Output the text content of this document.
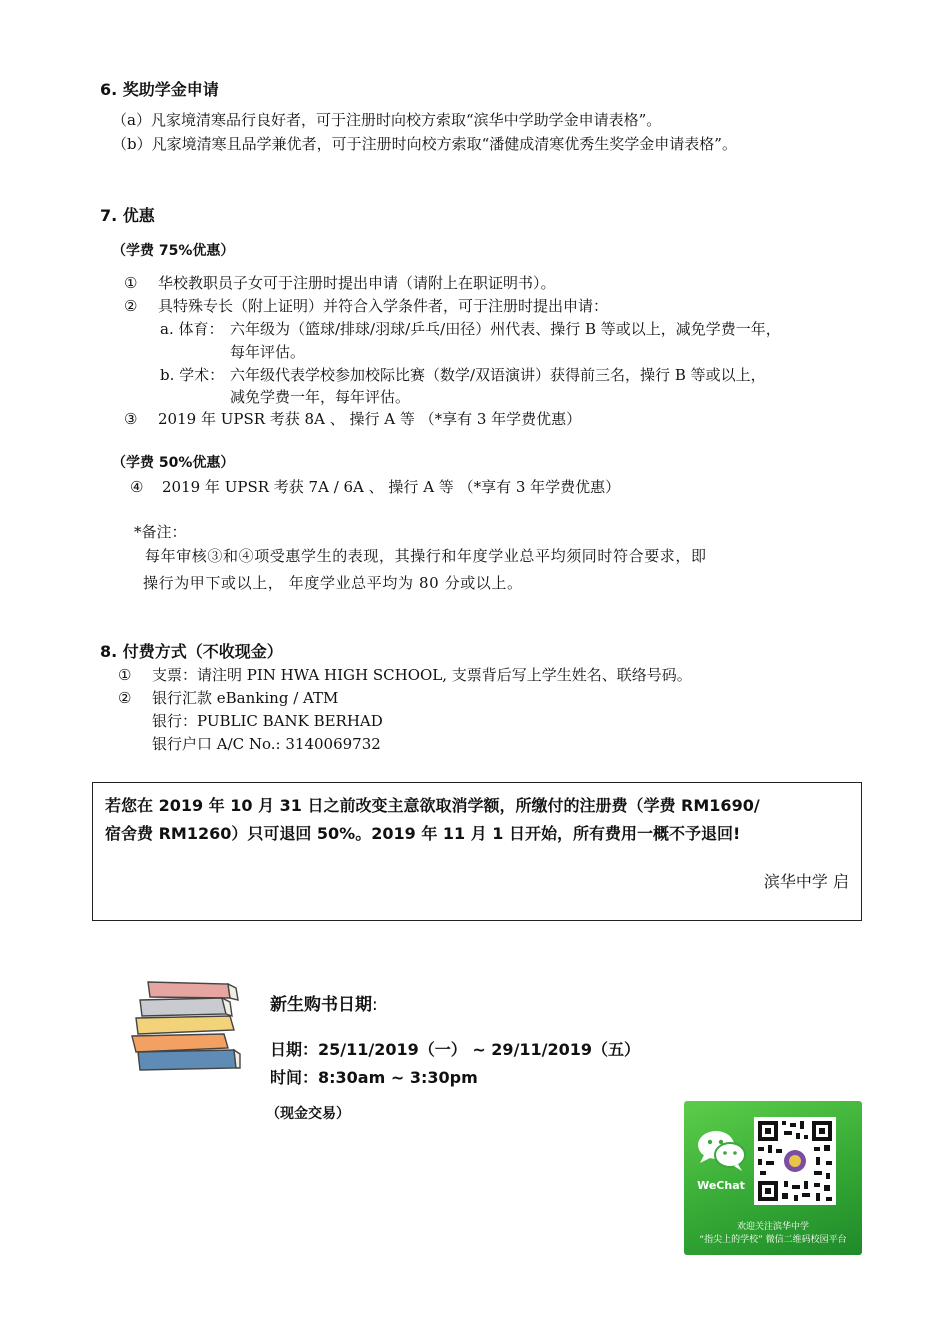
6. 奖助学金申请
（a）凡家境清寒品行良好者，可于注册时向校方索取“滨华中学助学金申请表格”。
（b）凡家境清寒且品学兼优者，可于注册时向校方索取“潘健成清寒优秀生奖学金申请表格”。
7. 优惠
（学费 75%优惠）
① 华校教职员子女可于注册时提出申请（请附上在职证明书）。
② 具特殊专长（附上证明）并符合入学条件者，可于注册时提出申请：
a. 体育： 六年级为（篮球/排球/羽球/乒乓/田径）州代表、操行 B 等或以上，减免学费一年，
每年评估。
b. 学术： 六年级代表学校参加校际比赛（数学/双语演讲）获得前三名，操行 B 等或以上，
减免学费一年，每年评估。
③ 2019 年 UPSR 考获 8A 、 操行 A 等 （*享有 3 年学费优惠）
（学费 50%优惠）
④ 2019 年 UPSR 考获 7A / 6A 、 操行 A 等 （*享有 3 年学费优惠）
*备注：
每年审核③和④项受惠学生的表现，其操行和年度学业总平均须同时符合要求，即
操行为甲下或以上， 年度学业总平均为 80 分或以上。
8. 付费方式（不收现金）
① 支票：请注明 PIN HWA HIGH SCHOOL, 支票背后写上学生姓名、联络号码。
② 银行汇款 eBanking / ATM
银行：PUBLIC BANK BERHAD
银行户口 A/C No.: 3140069732
若您在 2019 年 10 月 31 日之前改变主意欲取消学额，所缴付的注册费（学费 RM1690/
宿舍费 RM1260）只可退回 50%。2019 年 11 月 1 日开始，所有费用一概不予退回!
滨华中学 启
新生购书日期:
日期：25/11/2019（一） ~ 29/11/2019（五）
时间：8:30am ~ 3:30pm
（现金交易）
WeChat
欢迎关注滨华中学
“指尖上的学校” 微信二维码校园平台
